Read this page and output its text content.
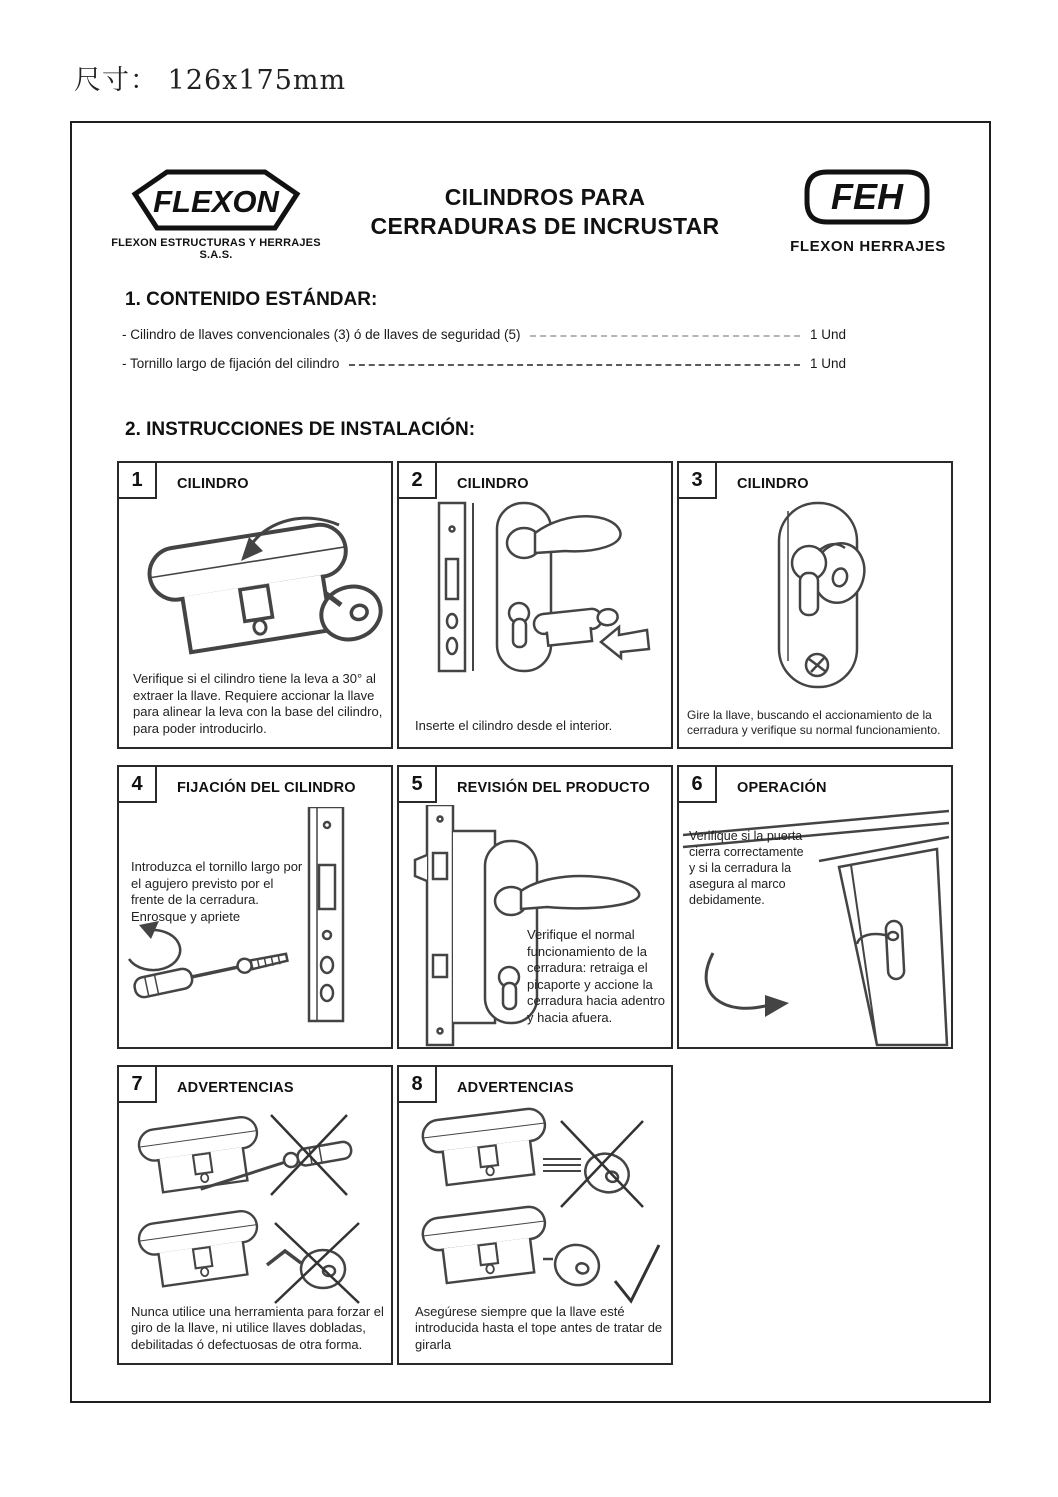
尺寸： 126x175mm
FLEXON
FLEXON ESTRUCTURAS Y HERRAJES S.A.S.
CILINDROS PARA
CERRADURAS DE INCRUSTAR
FEH
FLEXON HERRAJES
1. CONTENIDO ESTÁNDAR:
- Cilindro de llaves convencionales (3) ó de llaves de seguridad (5)	1 Und
- Tornillo largo de fijación del cilindro	1 Und
2. INSTRUCCIONES DE INSTALACIÓN:
1	CILINDRO
Verifique si el cilindro tiene la leva a 30° al extraer la llave. Requiere accionar la llave para alinear la leva con la base del cilindro, para poder introducirlo.
2	CILINDRO
Inserte el cilindro desde el interior.
3	CILINDRO
Gire la llave, buscando el accionamiento de la cerradura y verifique su normal funcionamiento.
4	FIJACIÓN DEL CILINDRO
Introduzca el tornillo largo por el agujero previsto por el frente de la cerradura. Enrosque y apriete
5	REVISIÓN DEL PRODUCTO
Verifique el normal funcionamiento de la cerradura: retraiga el picaporte y accione la cerradura hacia adentro y hacia afuera.
6	OPERACIÓN
Verifique si la puerta cierra correctamente y si la cerradura la asegura al marco debidamente.
7	ADVERTENCIAS
Nunca utilice una herramienta para forzar el giro de la llave, ni utilice llaves dobladas, debilitadas ó defectuosas de otra forma.
8	ADVERTENCIAS
Asegúrese siempre que la llave esté introducida hasta el tope antes de tratar de girarla
